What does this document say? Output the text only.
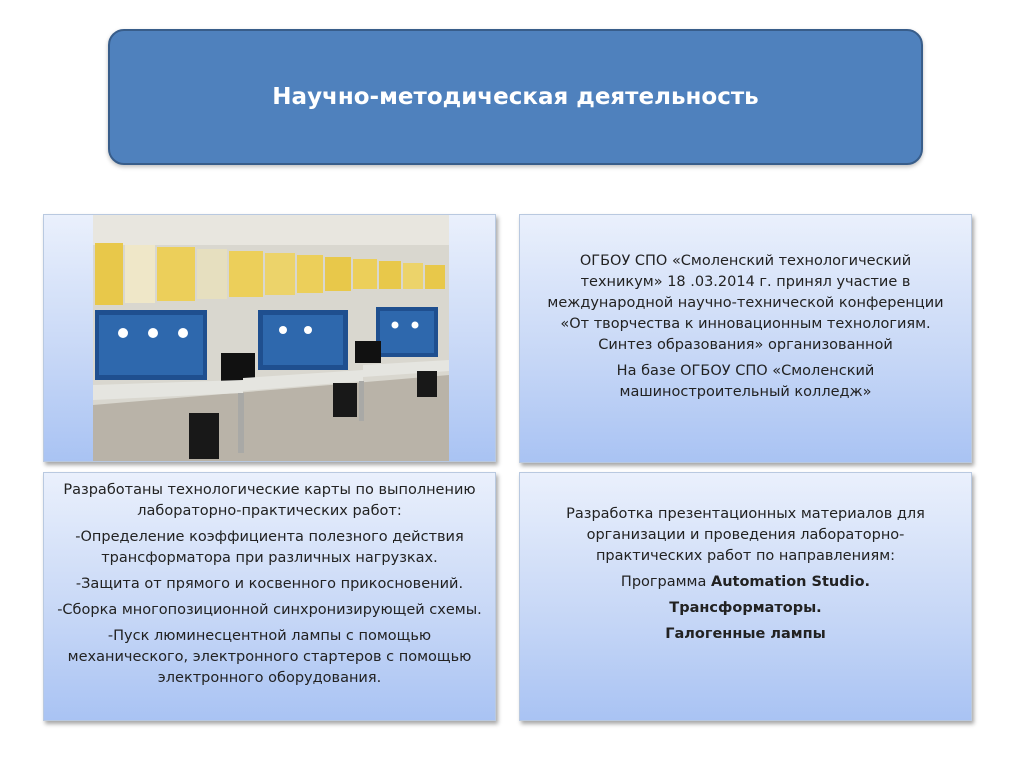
Научно-методическая деятельность

ОГБОУ СПО «Смоленский технологический техникум» 18 .03.2014 г. принял участие в международной научно-технической конференции «От творчества к инновационным технологиям. Синтез образования» организованной

На базе ОГБОУ СПО «Смоленский машиностроительный колледж»

Разработаны технологические карты по выполнению лабораторно-практических работ:

-Определение коэффициента полезного действия трансформатора при различных нагрузках.

-Защита от прямого и косвенного прикосновений.

-Сборка многопозиционной синхронизирующей схемы.

-Пуск люминесцентной лампы с помощью механического, электронного стартеров с помощью электронного оборудования.

Разработка презентационных материалов для организации и проведения лабораторно-практических работ по направлениям:

Программа Automation Studio.

Трансформаторы.

Галогенные лампы
